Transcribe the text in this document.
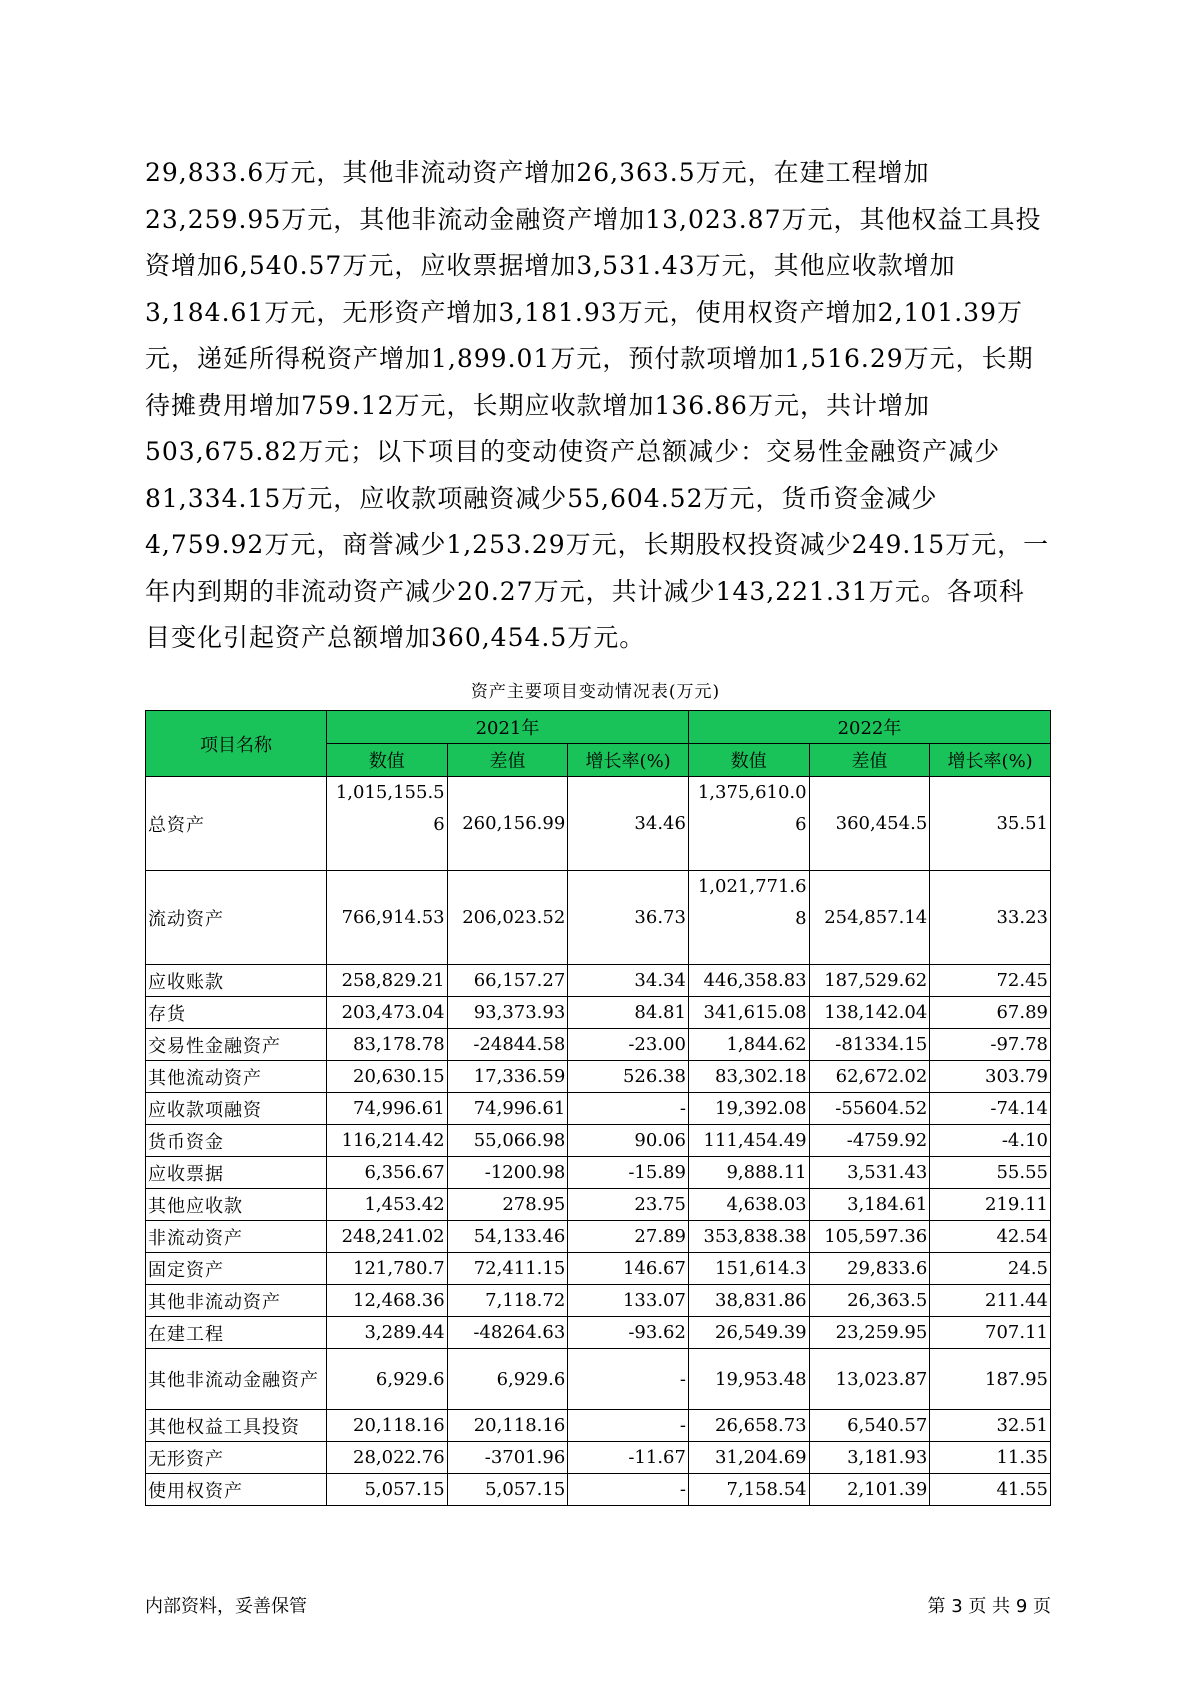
29,833.6万元，其他非流动资产增加26,363.5万元，在建工程增加23,259.95万元，其他非流动金融资产增加13,023.87万元，其他权益工具投资增加6,540.57万元，应收票据增加3,531.43万元，其他应收款增加3,184.61万元，无形资产增加3,181.93万元，使用权资产增加2,101.39万元，递延所得税资产增加1,899.01万元，预付款项增加1,516.29万元，长期待摊费用增加759.12万元，长期应收款增加136.86万元，共计增加503,675.82万元；以下项目的变动使资产总额减少：交易性金融资产减少81,334.15万元，应收款项融资减少55,604.52万元，货币资金减少4,759.92万元，商誉减少1,253.29万元，长期股权投资减少249.15万元，一年内到期的非流动资产减少20.27万元，共计减少143,221.31万元。各项科目变化引起资产总额增加360,454.5万元。
资产主要项目变动情况表(万元)
项目名称	2021年			2022年		
	数值	差值	增长率(%)	数值	差值	增长率(%)
总资产	1,015,155.56	260,156.99	34.46	1,375,610.06	360,454.5	35.51
流动资产	766,914.53	206,023.52	36.73	1,021,771.68	254,857.14	33.23
应收账款	258,829.21	66,157.27	34.34	446,358.83	187,529.62	72.45
存货	203,473.04	93,373.93	84.81	341,615.08	138,142.04	67.89
交易性金融资产	83,178.78	-24844.58	-23.00	1,844.62	-81334.15	-97.78
其他流动资产	20,630.15	17,336.59	526.38	83,302.18	62,672.02	303.79
应收款项融资	74,996.61	74,996.61	-	19,392.08	-55604.52	-74.14
货币资金	116,214.42	55,066.98	90.06	111,454.49	-4759.92	-4.10
应收票据	6,356.67	-1200.98	-15.89	9,888.11	3,531.43	55.55
其他应收款	1,453.42	278.95	23.75	4,638.03	3,184.61	219.11
非流动资产	248,241.02	54,133.46	27.89	353,838.38	105,597.36	42.54
固定资产	121,780.7	72,411.15	146.67	151,614.3	29,833.6	24.5
其他非流动资产	12,468.36	7,118.72	133.07	38,831.86	26,363.5	211.44
在建工程	3,289.44	-48264.63	-93.62	26,549.39	23,259.95	707.11
其他非流动金融资产	6,929.6	6,929.6	-	19,953.48	13,023.87	187.95
其他权益工具投资	20,118.16	20,118.16	-	26,658.73	6,540.57	32.51
无形资产	28,022.76	-3701.96	-11.67	31,204.69	3,181.93	11.35
使用权资产	5,057.15	5,057.15	-	7,158.54	2,101.39	41.55
内部资料，妥善保管	第 3 页 共 9 页
